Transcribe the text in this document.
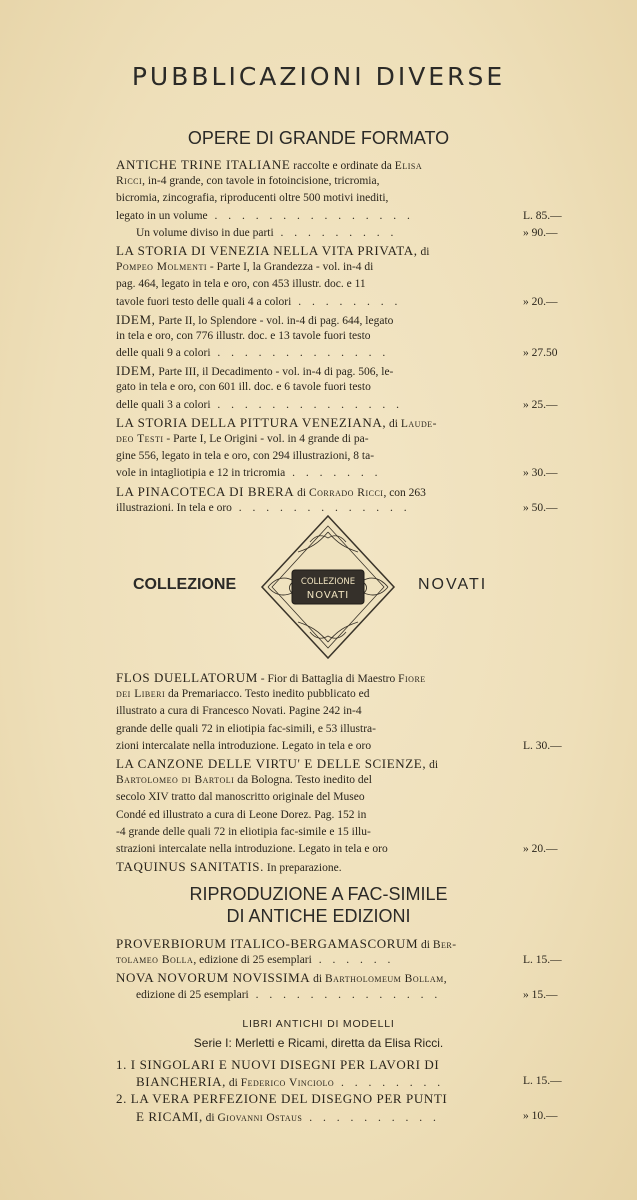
PUBBLICAZIONI DIVERSE
OPERE DI GRANDE FORMATO
ANTICHE TRINE ITALIANE raccolte e ordinate da Elisa
Ricci, in-4 grande, con tavole in fotoincisione, tricromia,
bicromia, zincografia, riproducenti oltre 500 motivi inediti,
legato in un volume . . . . . . . . . . . . . . .	L. 85.—
Un volume diviso in due parti . . . . . . . . .	» 90.—
LA STORIA DI VENEZIA NELLA VITA PRIVATA, di
Pompeo Molmenti - Parte I, la Grandezza - vol. in-4 di
pag. 464, legato in tela e oro, con 453 illustr. doc. e 11
tavole fuori testo delle quali 4 a colori . . . . . . . .	» 20.—
IDEM, Parte II, lo Splendore - vol. in-4 di pag. 644, legato
in tela e oro, con 776 illustr. doc. e 13 tavole fuori testo
delle quali 9 a colori . . . . . . . . . . . . .	» 27.50
IDEM, Parte III, il Decadimento - vol. in-4 di pag. 506, le-
gato in tela e oro, con 601 ill. doc. e 6 tavole fuori testo
delle quali 3 a colori . . . . . . . . . . . . . .	» 25.—
LA STORIA DELLA PITTURA VENEZIANA, di Laude-
deo Testi - Parte I, Le Origini - vol. in 4 grande di pa-
gine 556, legato in tela e oro, con 294 illustrazioni, 8 ta-
vole in intagliotipia e 12 in tricromia . . . . . . .	» 30.—
LA PINACOTECA DI BRERA di Corrado Ricci, con 263
illustrazioni. In tela e oro . . . . . . . . . . . . .	» 50.—
COLLEZIONE	COLLEZIONE
NOVATI
NOVATI
FLOS DUELLATORUM - Fior di Battaglia di Maestro Fiore
dei Liberi da Premariacco. Testo inedito pubblicato ed
illustrato a cura di Francesco Novati. Pagine 242 in-4
grande delle quali 72 in eliotipia fac-simili, e 53 illustra-
zioni intercalate nella introduzione. Legato in tela e oro	L. 30.—
LA CANZONE DELLE VIRTU' E DELLE SCIENZE, di
Bartolomeo di Bartoli da Bologna. Testo inedito del
secolo XIV tratto dal manoscritto originale del Museo
Condé ed illustrato a cura di Leone Dorez. Pag. 152 in
-4 grande delle quali 72 in eliotipia fac-simile e 15 illu-
strazioni intercalate nella introduzione. Legato in tela e oro	» 20.—
TAQUINUS SANITATIS. In preparazione.
RIPRODUZIONE A FAC-SIMILE
DI ANTICHE EDIZIONI
PROVERBIORUM ITALICO-BERGAMASCORUM di Ber-
tolameo Bolla, edizione di 25 esemplari . . . . . .	L. 15.—
NOVA NOVORUM NOVISSIMA di Bartholomeum Bollam,
edizione di 25 esemplari . . . . . . . . . . . . . .	» 15.—
LIBRI ANTICHI DI MODELLI
Serie I: Merletti e Ricami, diretta da Elisa Ricci.
1. I SINGOLARI E NUOVI DISEGNI PER LAVORI DI
BIANCHERIA, di Federico Vinciolo . . . . . . . .	L. 15.—
2. LA VERA PERFEZIONE DEL DISEGNO PER PUNTI
E RICAMI, di Giovanni Ostaus . . . . . . . . . .	» 10.—
